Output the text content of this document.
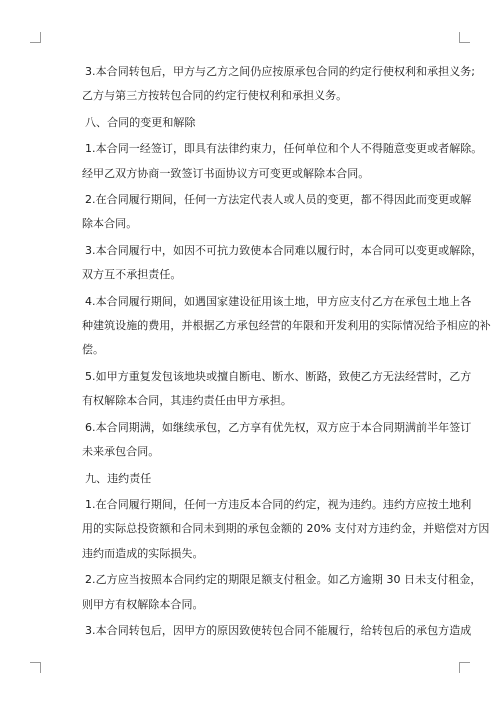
3.本合同转包后，甲方与乙方之间仍应按原承包合同的约定行使权利和承担义务;
乙方与第三方按转包合同的约定行使权利和承担义务。
八、合同的变更和解除
1.本合同一经签订，即具有法律约束力，任何单位和个人不得随意变更或者解除。
经甲乙双方协商一致签订书面协议方可变更或解除本合同。
2.在合同履行期间，任何一方法定代表人或人员的变更，都不得因此而变更或解
除本合同。
3.本合同履行中，如因不可抗力致使本合同难以履行时，本合同可以变更或解除，
双方互不承担责任。
4.本合同履行期间，如遇国家建设征用该土地，甲方应支付乙方在承包土地上各
种建筑设施的费用，并根据乙方承包经营的年限和开发利用的实际情况给予相应的补
偿。
5.如甲方重复发包该地块或擅自断电、断水、断路，致使乙方无法经营时，乙方
有权解除本合同，其违约责任由甲方承担。
6.本合同期满，如继续承包，乙方享有优先权，双方应于本合同期满前半年签订
未来承包合同。
九、违约责任
1.在合同履行期间，任何一方违反本合同的约定，视为违约。违约方应按土地利
用的实际总投资额和合同未到期的承包金额的 20% 支付对方违约金，并赔偿对方因
违约而造成的实际损失。
2.乙方应当按照本合同约定的期限足额支付租金。如乙方逾期 30 日未支付租金，
则甲方有权解除本合同。
3.本合同转包后，因甲方的原因致使转包合同不能履行，给转包后的承包方造成
